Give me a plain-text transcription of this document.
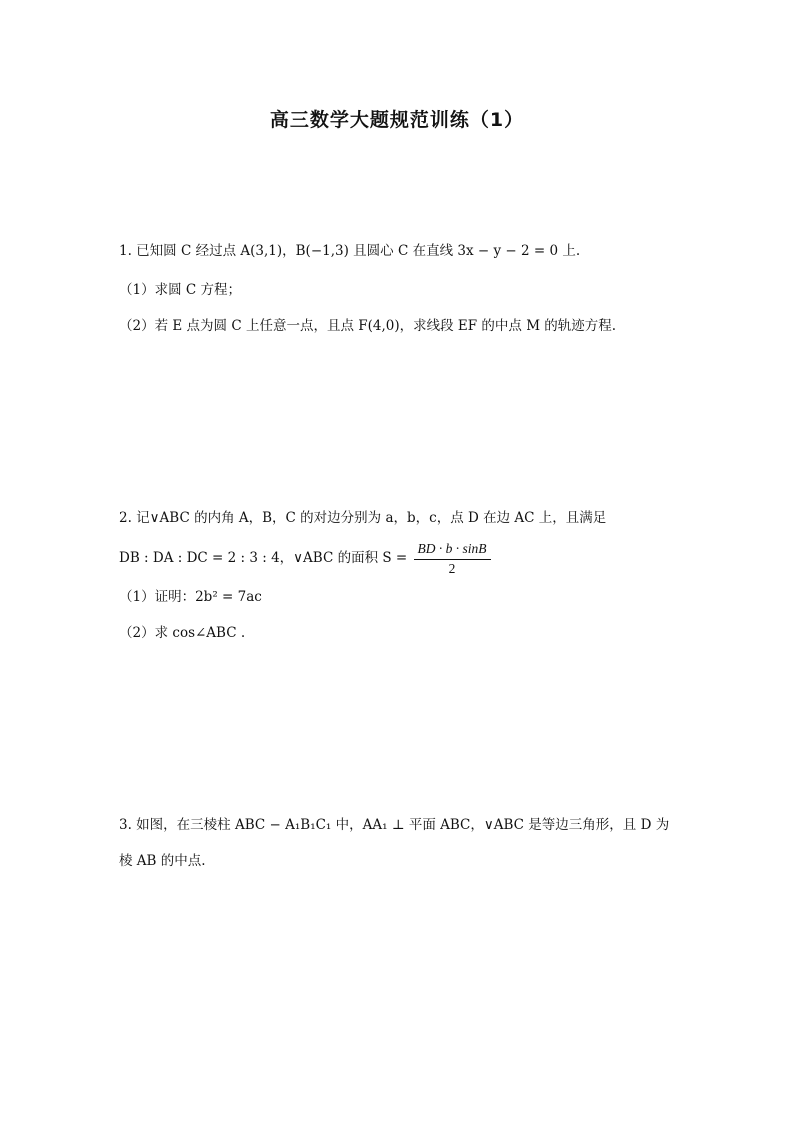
高三数学大题规范训练（1）
1. 已知圆 C 经过点 A(3,1)，B(−1,3) 且圆心 C 在直线 3x − y − 2 = 0 上.
（1）求圆 C 方程；
（2）若 E 点为圆 C 上任意一点，且点 F(4,0)，求线段 EF 的中点 M 的轨迹方程.
2. 记∨ABC 的内角 A，B，C 的对边分别为 a，b，c，点 D 在边 AC 上，且满足
DB : DA : DC = 2 : 3 : 4，∨ABC 的面积 $S = \frac{BD \cdot b \cdot \sin B}{2}$
（1）证明：2b² = 7ac
（2）求 cos∠ABC .
3. 如图，在三棱柱 ABC − A₁B₁C₁ 中，AA₁ ⊥ 平面 ABC，∨ABC 是等边三角形，且 D 为
棱 AB 的中点.
